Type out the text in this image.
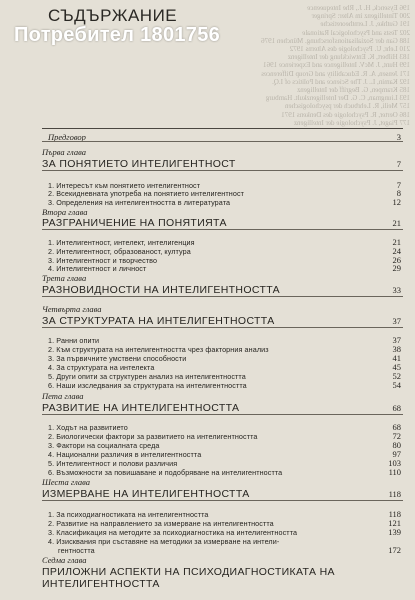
196 Eysenck, H. J., Rhe Intequeence
200 Tintelligenz im Alter: Springer
191 Guthke, J. Lerntheoretische
202 Tests and Psychological Rationale
188 Gan der Sozialisationsforschung. München 1976
210 Lehr, U. Psychologie des Alterns 1972
183 Hilbert, K. Entwicklung der Intelligenz
199 Hunt, J. McV. Intelligence and Experience 1961
171 Jensen, A. R. Educability and Group Differences
192 Kamin, L. J. The Science and Politics of I.Q.
185 Krampen, G. Begriff der Intelligenz
193 Liungman, C. G. Der Intelligenzkult. Hamburg
157 Meili, R. Lehrbuch der psychologischen
186 Oerter, R. Psychologie des Denkens 1971
177 Piaget, J. Psychologie der Intelligenz
СЪДЪРЖАНИЕ
Потребител 1801756
Предговор	3
Първа глава
ЗА ПОНЯТИЕТО ИНТЕЛИГЕНТНОСТ	7
1. Интересът към понятието интелигентност	7
2. Всекидневната употреба на понятието интелигентност	8
3. Определения на интелигентността в литературата	12
Втора глава
РАЗГРАНИЧЕНИЕ НА ПОНЯТИЯТА	21
1. Интелигентност, интелект, интелигенция	21
2. Интелигентност, образованост, култура	24
3. Интелигентност и творчество	26
4. Интелигентност и личност	29
Трета глава
РАЗНОВИДНОСТИ НА ИНТЕЛИГЕНТНОСТТА	33
Четвърта глава
ЗА СТРУКТУРАТА НА ИНТЕЛИГЕНТНОСТТА	37
1. Ранни опити	37
2. Към структурата на интелигентността чрез факторния анализ	38
3. За първичните умствени способности	41
4. За структурата на интелекта	45
5. Други опити за структурен анализ на интелигентността	52
6. Наши изследвания за структурата на интелигентността	54
Пета глава
РАЗВИТИЕ НА ИНТЕЛИГЕНТНОСТТА	68
1. Ходът на развитието	68
2. Биологически фактори за развитието на интелигентността	72
3. Фактори на социалната среда	80
4. Национални различия в интелигентността	97
5. Интелигентност и полови различия	103
6. Възможности за повишаване и подобряване на интелигентността	110
Шеста глава
ИЗМЕРВАНЕ НА ИНТЕЛИГЕНТНОСТТА	118
1. За психодиагностиката на интелигентността	118
2. Развитие на направлението за измерване на интелигентността	121
3. Класификация на методите за психодиагностика на интелигентността	139
4. Изисквания при съставяне на методики за измерване на интели-
гентността	172
Седма глава
ПРИЛОЖНИ АСПЕКТИ НА ПСИХОДИАГНОСТИКАТА НА
ИНТЕЛИГЕНТНОСТТА
